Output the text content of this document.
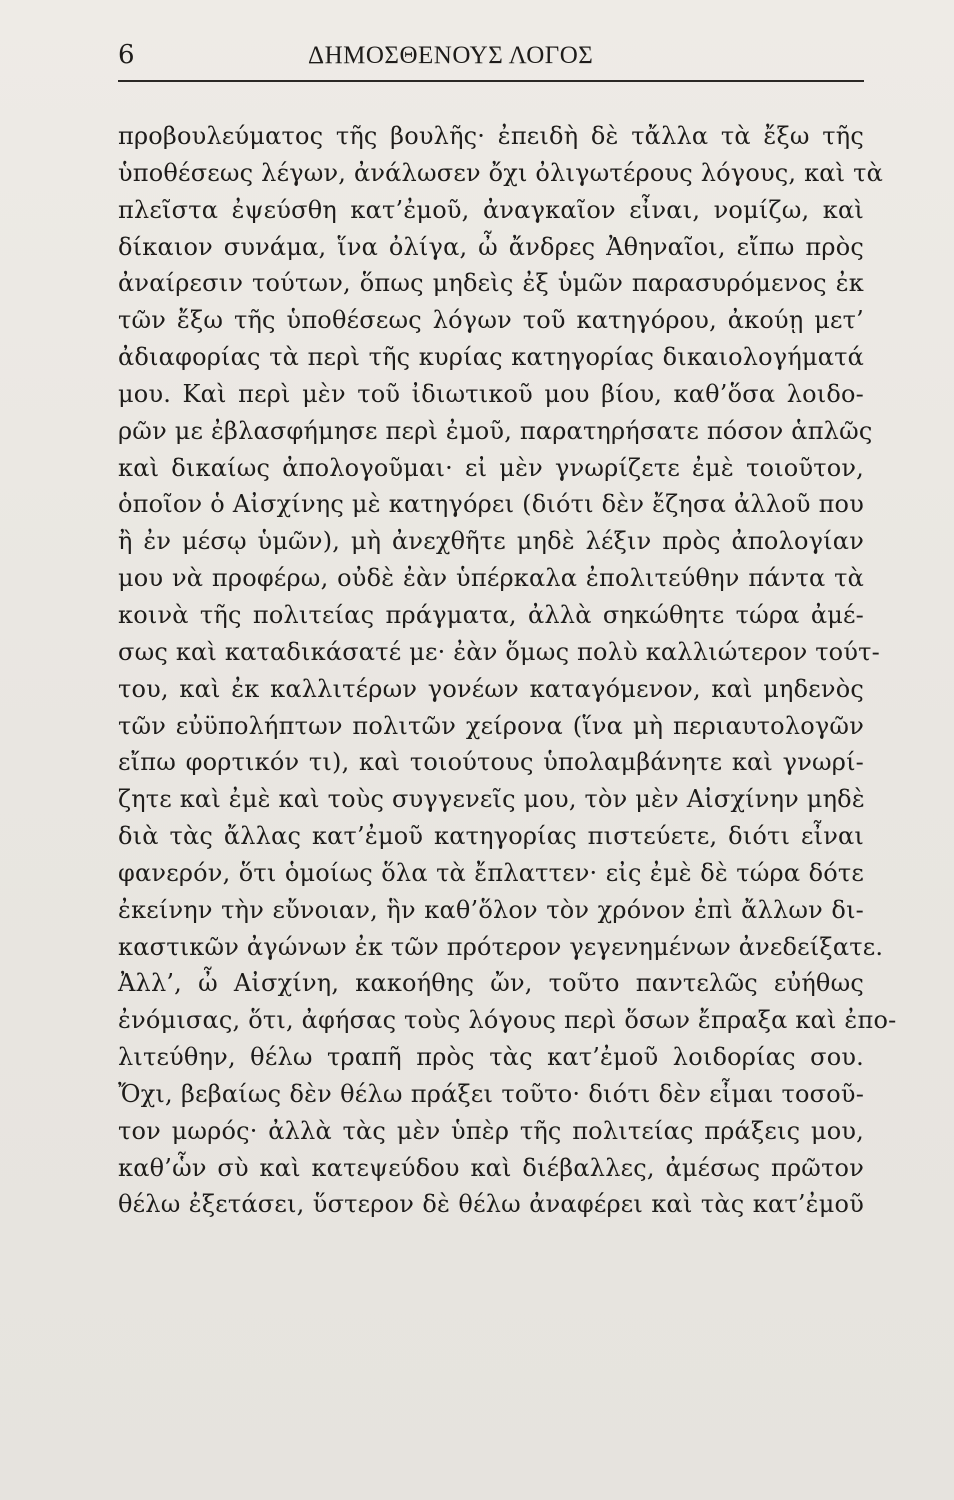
6	ΔΗΜΟΣΘΕΝΟΥΣ ΛΟΓΟΣ
προβουλεύματος τῆς βουλῆς· ἐπειδὴ δὲ τἄλλα τὰ ἔξω τῆς
ὑποθέσεως λέγων, ἀνάλωσεν ὄχι ὀλιγωτέρους λόγους, καὶ τὰ
πλεῖστα ἐψεύσθη κατ’ἐμοῦ, ἀναγκαῖον εἶναι, νομίζω, καὶ
δίκαιον συνάμα, ἵνα ὀλίγα, ὦ ἄνδρες Ἀθηναῖοι, εἴπω πρὸς
ἀναίρεσιν τούτων, ὅπως μηδεὶς ἐξ ὑμῶν παρασυρόμενος ἐκ
τῶν ἔξω τῆς ὑποθέσεως λόγων τοῦ κατηγόρου, ἀκούῃ μετ’
ἀδιαφορίας τὰ περὶ τῆς κυρίας κατηγορίας δικαιολογήματά
μου. Καὶ περὶ μὲν τοῦ ἰδιωτικοῦ μου βίου, καθ’ὅσα λοιδο-
ρῶν με ἐβλασφήμησε περὶ ἐμοῦ, παρατηρήσατε πόσον ἁπλῶς
καὶ δικαίως ἀπολογοῦμαι· εἰ μὲν γνωρίζετε ἐμὲ τοιοῦτον,
ὁποῖον ὁ Αἰσχίνης μὲ κατηγόρει (διότι δὲν ἔζησα ἀλλοῦ που
ἢ ἐν μέσῳ ὑμῶν), μὴ ἀνεχθῆτε μηδὲ λέξιν πρὸς ἀπολογίαν
μου νὰ προφέρω, οὐδὲ ἐὰν ὑπέρκαλα ἐπολιτεύθην πάντα τὰ
κοινὰ τῆς πολιτείας πράγματα, ἀλλὰ σηκώθητε τώρα ἀμέ-
σως καὶ καταδικάσατέ με· ἐὰν ὅμως πολὺ καλλιώτερον τούτ-
του, καὶ ἐκ καλλιτέρων γονέων καταγόμενον, καὶ μηδενὸς
τῶν εὐϋπολήπτων πολιτῶν χείρονα (ἵνα μὴ περιαυτολογῶν
εἴπω φορτικόν τι), καὶ τοιούτους ὑπολαμβάνητε καὶ γνωρί-
ζητε καὶ ἐμὲ καὶ τοὺς συγγενεῖς μου, τὸν μὲν Αἰσχίνην μηδὲ
διὰ τὰς ἄλλας κατ’ἐμοῦ κατηγορίας πιστεύετε, διότι εἶναι
φανερόν, ὅτι ὁμοίως ὅλα τὰ ἔπλαττεν· εἰς ἐμὲ δὲ τώρα δότε
ἐκείνην τὴν εὔνοιαν, ἣν καθ’ὅλον τὸν χρόνον ἐπὶ ἄλλων δι-
καστικῶν ἀγώνων ἐκ τῶν πρότερον γεγενημένων ἀνεδείξατε.
Ἀλλ’, ὦ Αἰσχίνη, κακοήθης ὤν, τοῦτο παντελῶς εὐήθως
ἐνόμισας, ὅτι, ἀφήσας τοὺς λόγους περὶ ὅσων ἔπραξα καὶ ἐπο-
λιτεύθην, θέλω τραπῆ πρὸς τὰς κατ’ἐμοῦ λοιδορίας σου.
Ὄχι, βεβαίως δὲν θέλω πράξει τοῦτο· διότι δὲν εἶμαι τοσοῦ-
τον μωρός· ἀλλὰ τὰς μὲν ὑπὲρ τῆς πολιτείας πράξεις μου,
καθ’ὧν σὺ καὶ κατεψεύδου καὶ διέβαλλες, ἀμέσως πρῶτον
θέλω ἐξετάσει, ὕστερον δὲ θέλω ἀναφέρει καὶ τὰς κατ’ἐμοῦ
